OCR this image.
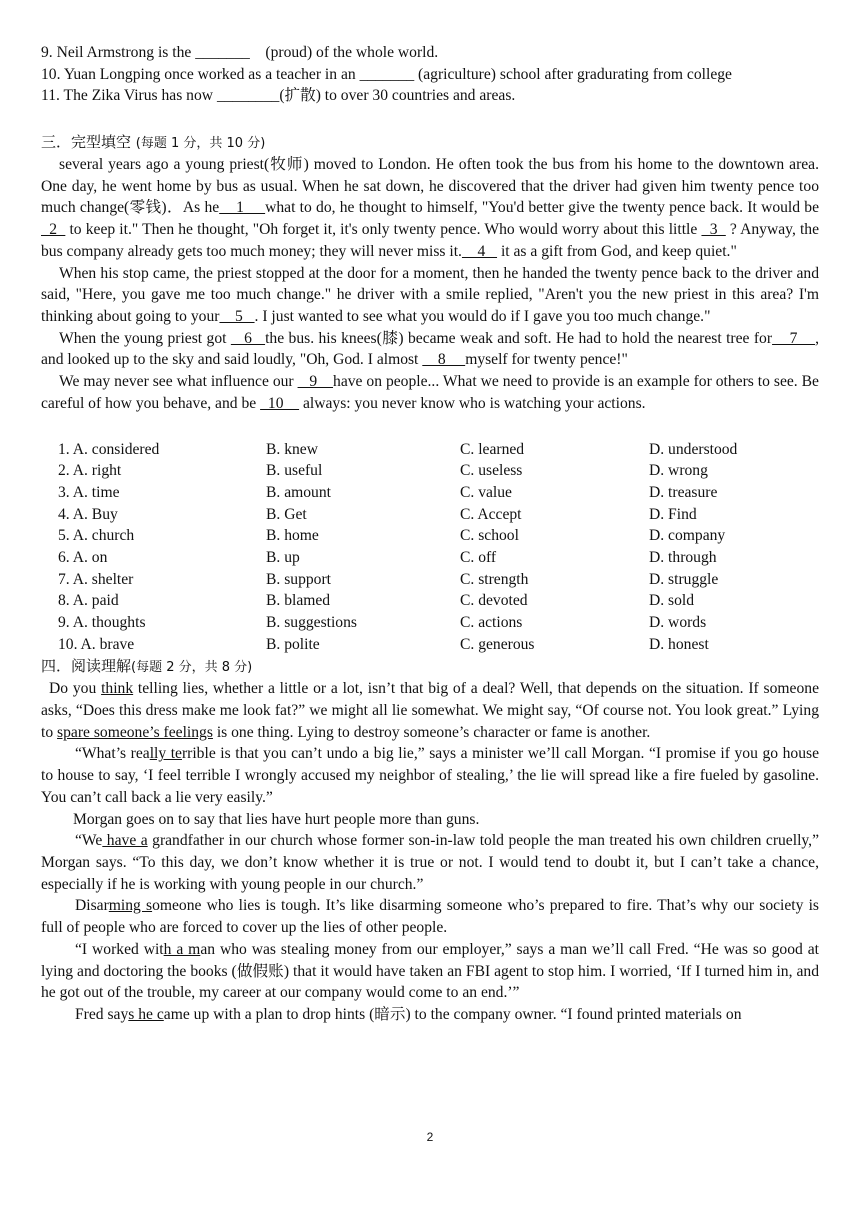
9. Neil Armstrong is the _______    (proud) of the whole world.
10. Yuan Longping once worked as a teacher in an _______ (agriculture) school after gradurating from college
11. The Zika Virus has now ________(扩散) to over 30 countries and areas.
三．完型填空 (每题 1 分，共 10 分)
several years ago a young priest(牧师) moved to London. He often took the bus from his home to the downtown area. One day, he went home by bus as usual. When he sat down, he discovered that the driver had given him twenty pence too much change(零钱)．As he    1     what to do, he thought to himself, "You'd better give the twenty pence back. It would be   2   to keep it." Then he thought, "Oh forget it, it's only twenty pence. Who would worry about this little   3   ? Anyway, the bus company already gets too much money; they will never miss it.    4    it as a gift from God, and keep quiet."
When his stop came, the priest stopped at the door for a moment, then he handed the twenty pence back to the driver and said, "Here, you gave me too much change." he driver with a smile replied, "Aren't you the new priest in this area? I'm thinking about going to your    5   . I just wanted to see what you would do if I gave you too much change."
When the young priest got    6   the bus. his knees(膝) became weak and soft. He had to hold the nearest tree for    7    , and looked up to the sky and said loudly, "Oh, God. I almost     8     myself for twenty pence!"
We may never see what influence our    9    have on people... What we need to provide is an example for others to see. Be careful of how you behave, and be   10     always: you never know who is watching your actions.
1. A. considered	B. knew	C. learned	D. understood
2. A. right	B. useful	C. useless	D. wrong
3. A. time	B. amount	C. value	D. treasure
4. A. Buy	B. Get	C. Accept	D. Find
5. A. church	B. home	C. school	D. company
6. A. on	B. up	C. off	D. through
7. A. shelter	B. support	C. strength	D. struggle
8. A. paid	B. blamed	C. devoted	D. sold
9. A. thoughts	B. suggestions	C. actions	D. words
10. A. brave	B. polite	C. generous	D. honest
四．阅读理解(每题 2 分，共 8 分)
Do you think telling lies, whether a little or a lot, isn’t that big of a deal? Well, that depends on the situation. If someone asks, “Does this dress make me look fat?” we might all lie somewhat. We might say, “Of course not. You look great.” Lying to spare someone’s feelings is one thing. Lying to destroy someone’s character or fame is another.
“What’s really terrible is that you can’t undo a big lie,” says a minister we’ll call Morgan. “I promise if you go house to house to say, ‘I feel terrible I wrongly accused my neighbor of stealing,’ the lie will spread like a fire fueled by gasoline. You can’t call back a lie very easily.”
Morgan goes on to say that lies have hurt people more than guns.
“We have a grandfather in our church whose former son-in-law told people the man treated his own children cruelly,” Morgan says. “To this day, we don’t know whether it is true or not. I would tend to doubt it, but I can’t take a chance, especially if he is working with young people in our church.”
Disarming someone who lies is tough. It’s like disarming someone who’s prepared to fire. That’s why our society is full of people who are forced to cover up the lies of other people.
“I worked with a man who was stealing money from our employer,” says a man we’ll call Fred. “He was so good at lying and doctoring the books (做假账) that it would have taken an FBI agent to stop him. I worried, ‘If I turned him in, and he got out of the trouble, my career at our company would come to an end.’”
Fred says he came up with a plan to drop hints (暗示) to the company owner. “I found printed materials on
2
